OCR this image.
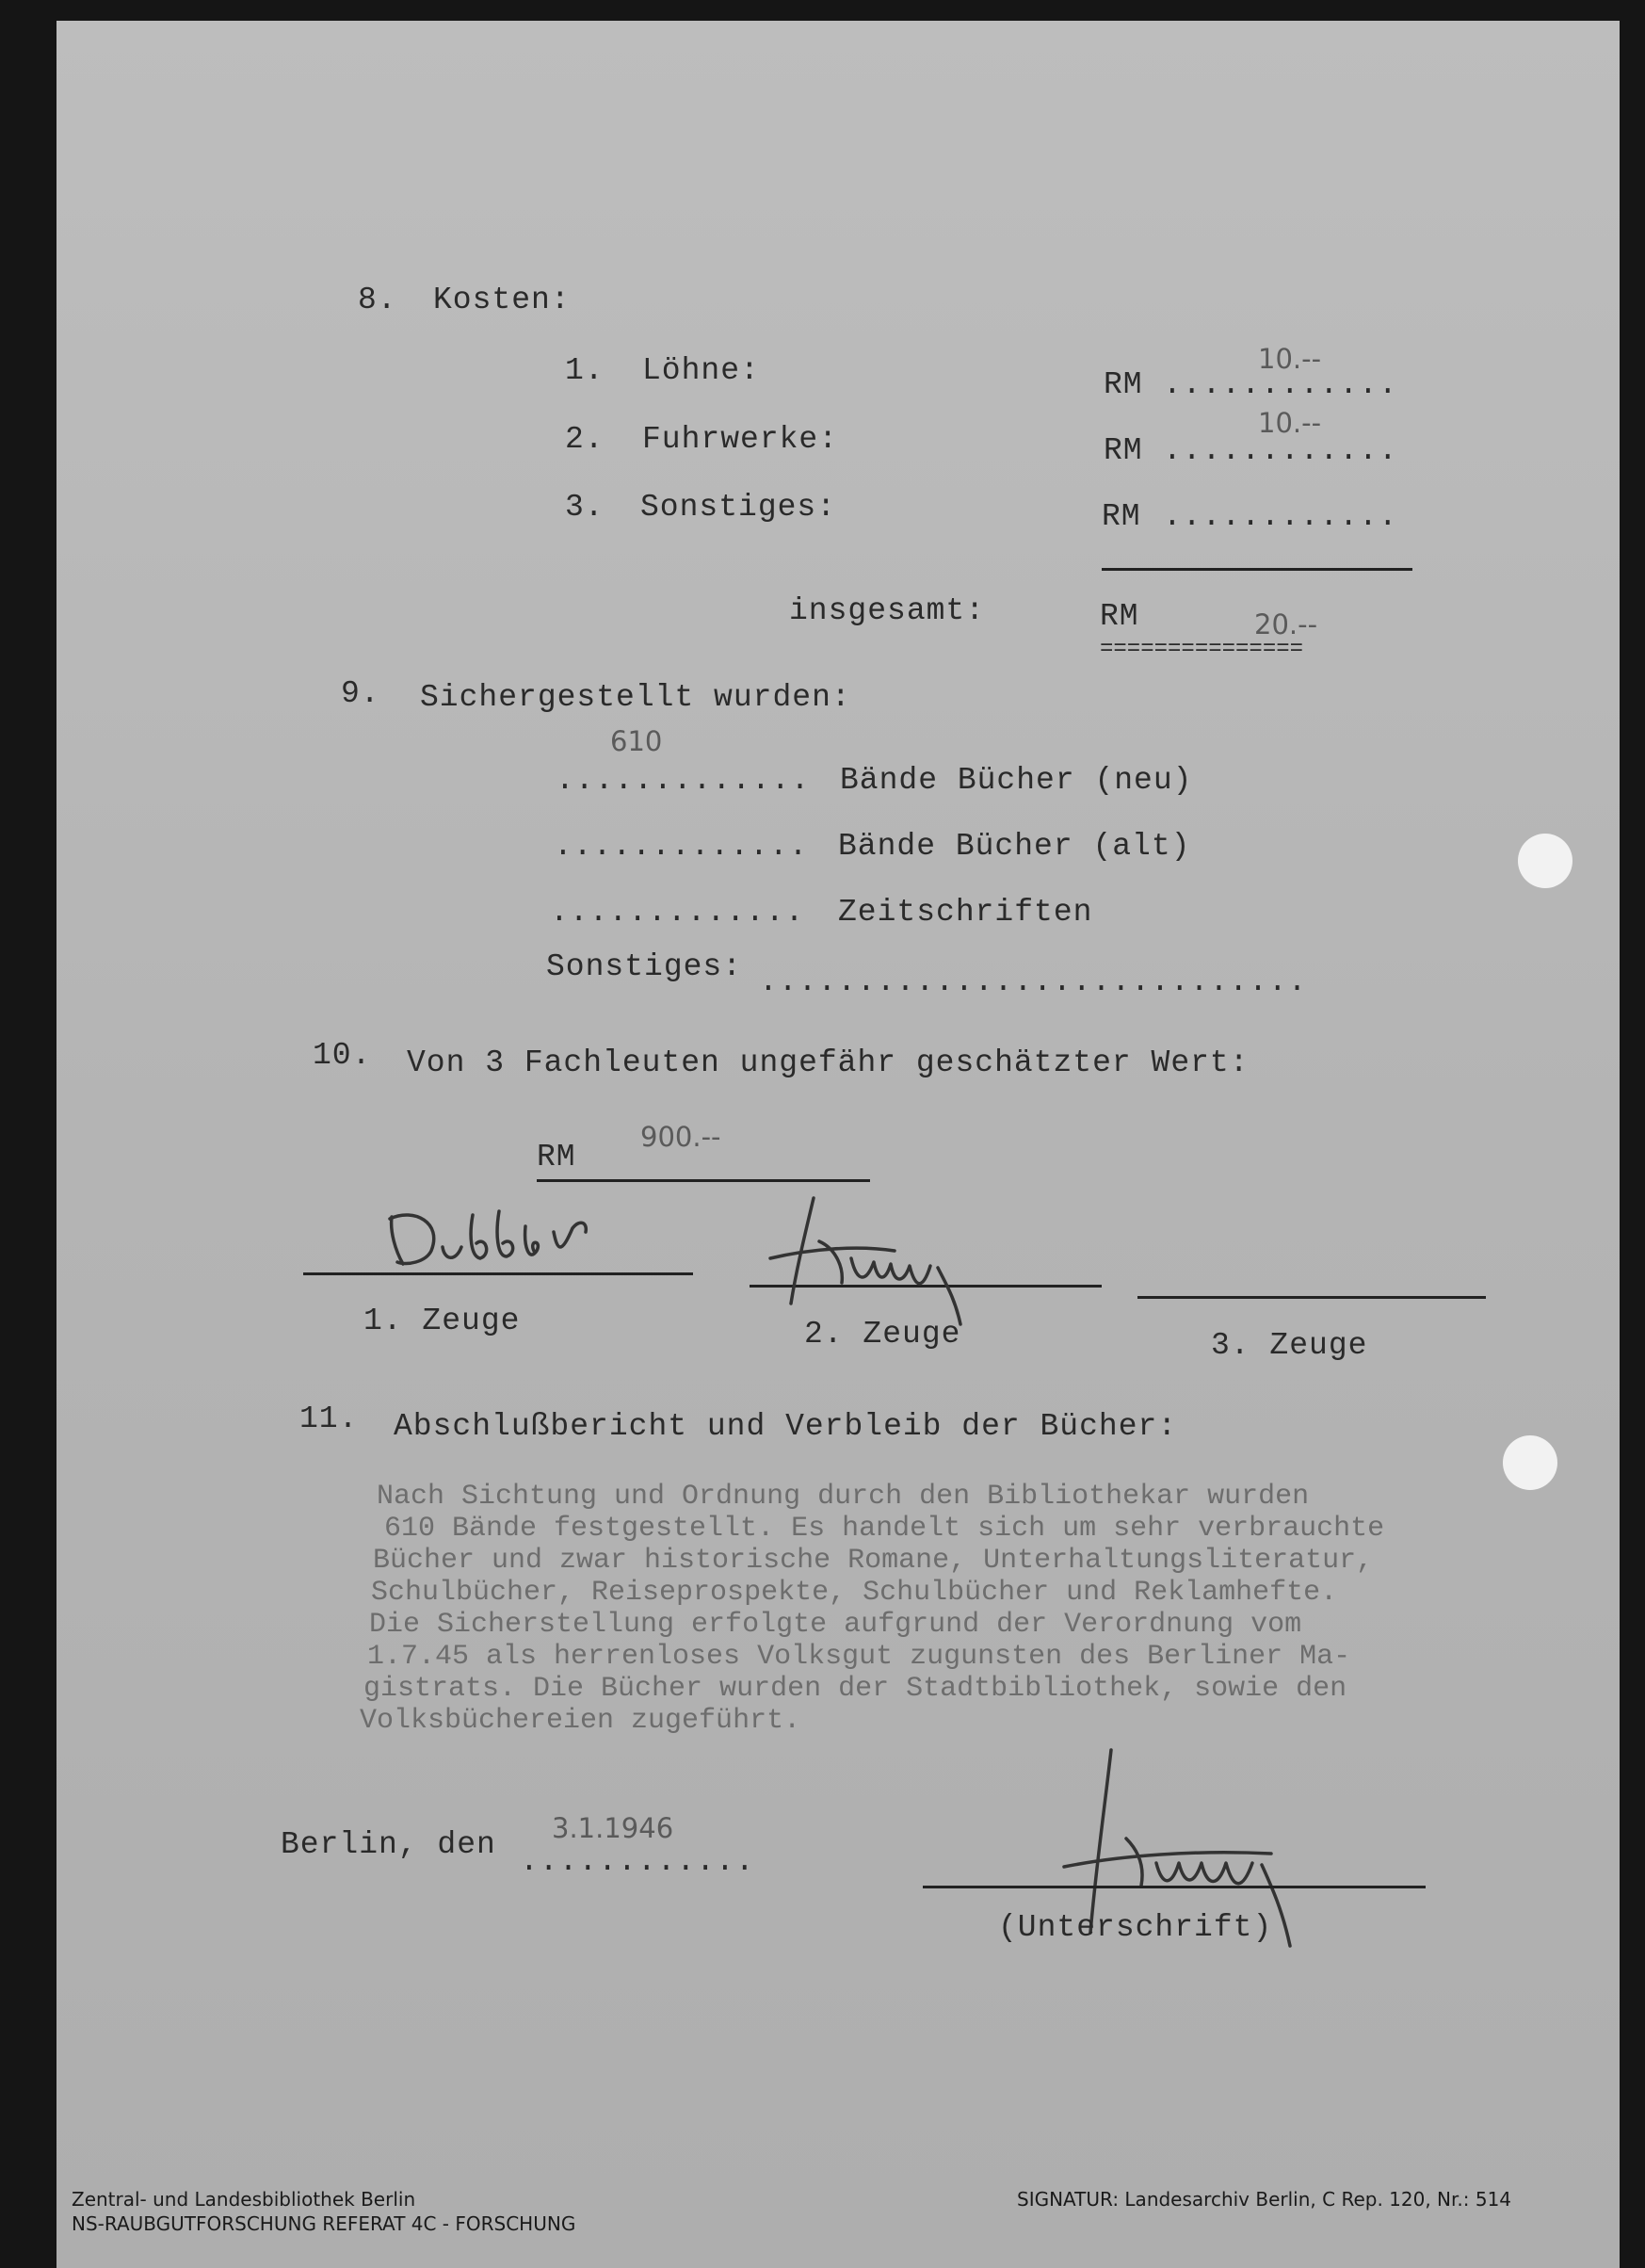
8. Kosten:
1. Löhne:	10.--
RM ............
2. Fuhrwerke:	10.--
RM ............
3. Sonstiges:	RM ............
insgesamt:	RM	20.--
===============
9. Sichergestellt wurden:
610
............. Bände Bücher (neu)
............. Bände Bücher (alt)
............. Zeitschriften
Sonstiges: ............................
10. Von 3 Fachleuten ungefähr geschätzter Wert:
900.--
RM
1. Zeuge	2. Zeuge	3. Zeuge
11. Abschlußbericht und Verbleib der Bücher:
Nach Sichtung und Ordnung durch den Bibliothekar wurden
610 Bände festgestellt. Es handelt sich um sehr verbrauchte
Bücher und zwar historische Romane, Unterhaltungsliteratur,
Schulbücher, Reiseprospekte, Schulbücher und Reklamhefte.
Die Sicherstellung erfolgte aufgrund der Verordnung vom
1.7.45 als herrenloses Volksgut zugunsten des Berliner Ma-
gistrats. Die Bücher wurden der Stadtbibliothek, sowie den
Volksbüchereien zugeführt.
3.1.1946
Berlin, den ............
(Unterschrift)
Zentral- und Landesbibliothek Berlin
NS-RAUBGUTFORSCHUNG REFERAT 4C - FORSCHUNG
SIGNATUR: Landesarchiv Berlin, C Rep. 120, Nr.: 514
